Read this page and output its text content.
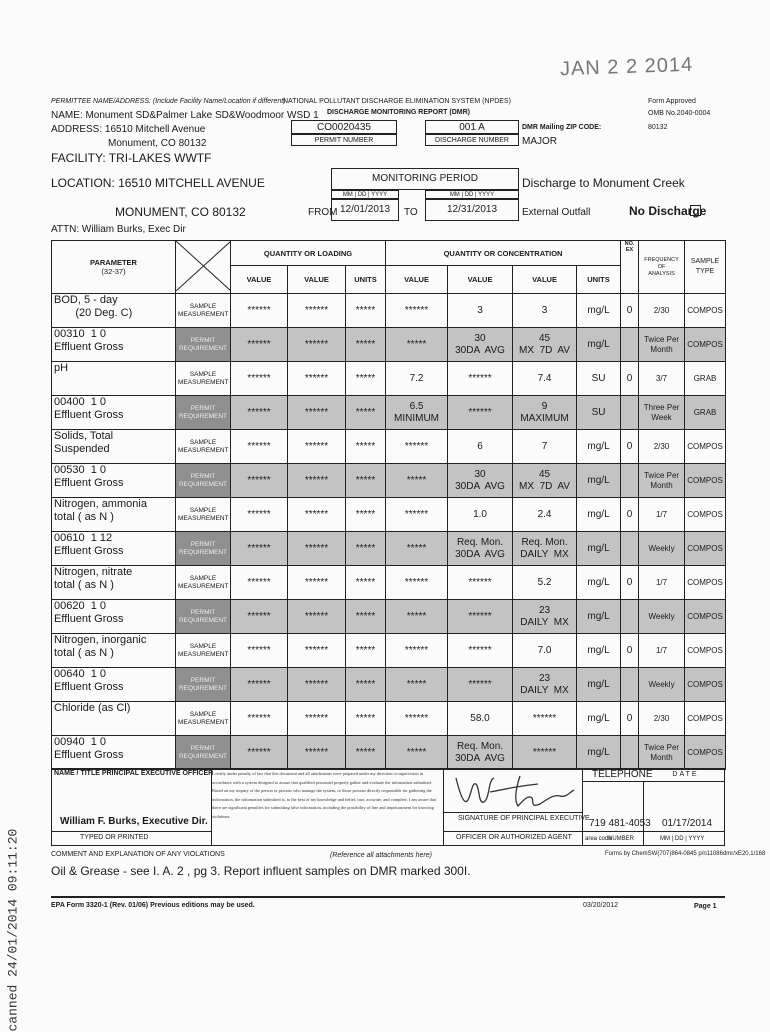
JAN 2 2 2014
PERMITTEE NAME/ADDRESS: (Include Facility Name/Location if different)
NAME: Monument SD&Palmer Lake SD&Woodmoor WSD 1
ADDRESS: 16510 Mitchell Avenue
Monument, CO 80132
FACILITY: TRI-LAKES WWTF
LOCATION: 16510 MITCHELL AVENUE
MONUMENT, CO 80132
ATTN: William Burks, Exec Dir
NATIONAL POLLUTANT DISCHARGE ELIMINATION SYSTEM (NPDES)
DISCHARGE MONITORING REPORT (DMR)
CO0020435
PERMIT NUMBER
001 A
DISCHARGE NUMBER
DMR Mailing ZIP CODE:
MAJOR
Form Approved
OMB No.2040-0004
80132
MONITORING PERIOD
MM | DD | YYYY	MM | DD | YYYY
FROM 12/01/2013	TO	12/31/2013
Discharge to Monument Creek
External Outfall	No Discharge
PARAMETER
(32-37)		QUANTITY OR LOADING			QUANTITY OR CONCENTRATION				NO.
EX	FREQUENCY
OF
ANALYSIS	SAMPLE
TYPE
		VALUE	VALUE	UNITS	VALUE	VALUE	VALUE	UNITS			
BOD, 5 - day
(20 Deg. C)	SAMPLE
MEASUREMENT	******	******	*****	******	3	3	mg/L	0	2/30	COMPOS
00310  1 0
Effluent Gross	PERMIT
REQUIREMENT	******	******	*****	*****	30
30DA  AVG	45
MX  7D  AV	mg/L		Twice Per
Month	COMPOS
pH	SAMPLE
MEASUREMENT	******	******	*****	7.2	******	7.4	SU	0	3/7	GRAB
00400  1 0
Effluent Gross	PERMIT
REQUIREMENT	******	******	*****	6.5
MINIMUM	******	9
MAXIMUM	SU		Three Per
Week	GRAB
Solids, Total
Suspended	SAMPLE
MEASUREMENT	******	******	*****	******	6	7	mg/L	0	2/30	COMPOS
00530  1 0
Effluent Gross	PERMIT
REQUIREMENT	******	******	*****	*****	30
30DA  AVG	45
MX  7D  AV	mg/L		Twice Per
Month	COMPOS
Nitrogen, ammonia
total ( as N )	SAMPLE
MEASUREMENT	******	******	*****	******	1.0	2.4	mg/L	0	1/7	COMPOS
00610  1 12
Effluent Gross	PERMIT
REQUIREMENT	******	******	*****	*****	Req. Mon.
30DA  AVG	Req. Mon.
DAILY  MX	mg/L		Weekly	COMPOS
Nitrogen, nitrate
total ( as N )	SAMPLE
MEASUREMENT	******	******	*****	******	******	5.2	mg/L	0	1/7	COMPOS
00620  1 0
Effluent Gross	PERMIT
REQUIREMENT	******	******	*****	*****	******	23
DAILY  MX	mg/L		Weekly	COMPOS
Nitrogen, inorganic
total ( as N )	SAMPLE
MEASUREMENT	******	******	*****	******	******	7.0	mg/L	0	1/7	COMPOS
00640  1 0
Effluent Gross	PERMIT
REQUIREMENT	******	******	*****	*****	******	23
DAILY  MX	mg/L		Weekly	COMPOS
Chloride (as Cl)	SAMPLE
MEASUREMENT	******	******	*****	******	58.0	******	mg/L	0	2/30	COMPOS
00940  1 0
Effluent Gross	PERMIT
REQUIREMENT	******	******	*****	*****	Req. Mon.
30DA  AVG	******	mg/L		Twice Per
Month	COMPOS
NAME / TITLE PRINCIPAL EXECUTIVE OFFICER
William F. Burks, Executive Dir.
TYPED OR PRINTED
I certify under penalty of law that this document and all attachments were prepared under my direction or supervision in accordance with a system designed to assure that qualified personnel properly gather and evaluate the information submitted. Based on my inquiry of the person or persons who manage the system, or those persons directly responsible for gathering the information, the information submitted is, to the best of my knowledge and belief, true, accurate, and complete. I am aware that there are significant penalties for submitting false information, including the possibility of fine and imprisonment for knowing violations.	SIGNATURE OF PRINCIPAL EXECUTIVE
OFFICER OR AUTHORIZED AGENT
TELEPHONE	DATE
719 481-4053 01/17/2014
area code
NUMBER	MM | DD | YYYY
COMMENT AND EXPLANATION OF ANY VIOLATIONS	(Reference all attachments here)	Forms by ChemSW(707)864-0845 p/n11086dmr/xE20.1/168
Oil & Grease - see I. A. 2 , pg 3. Report influent samples on DMR marked 300I.
EPA Form 3320-1 (Rev. 01/06) Previous editions may be used.	03/20/2012	Page 1
canned 24/01/2014 09:11:20
